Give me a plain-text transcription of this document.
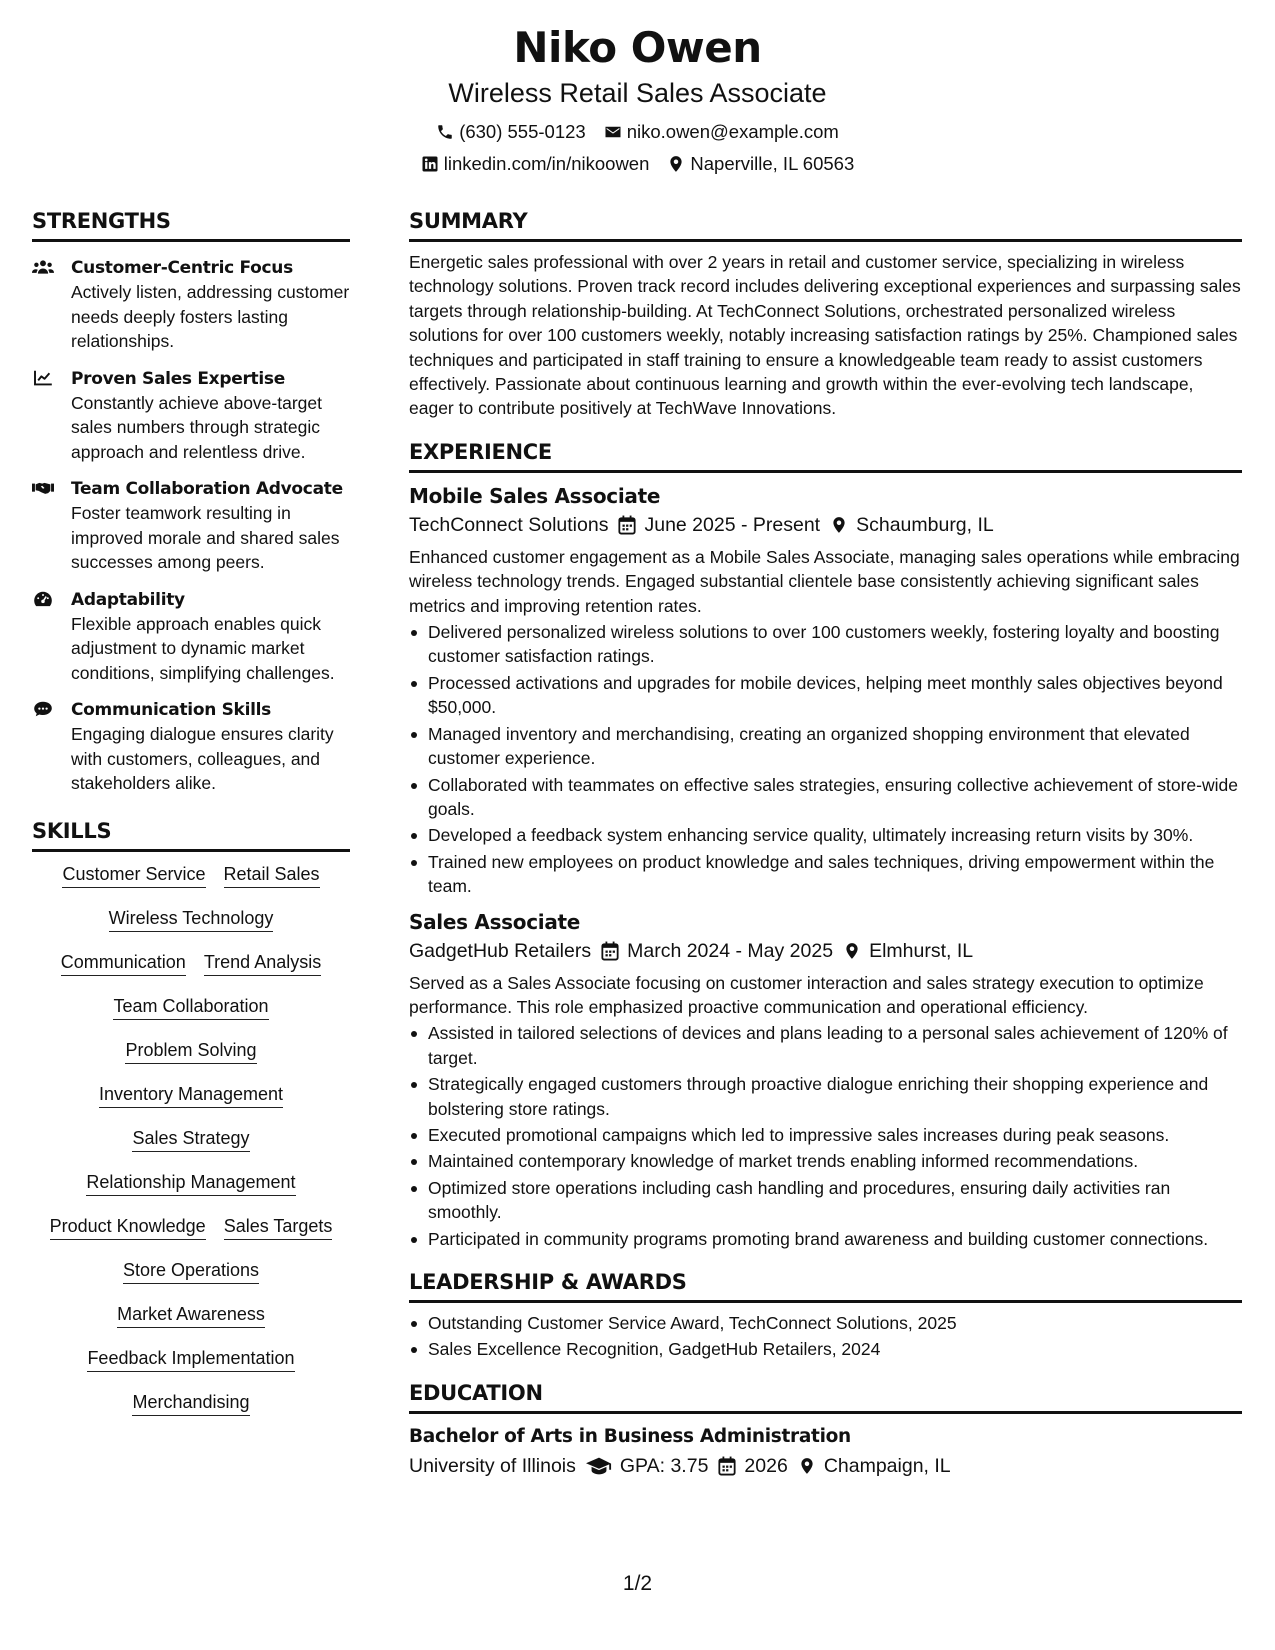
Niko Owen
Wireless Retail Sales Associate
(630) 555-0123 niko.owen@example.com
linkedin.com/in/nikoowen Naperville, IL 60563
STRENGTHS
Customer-Centric Focus
Actively listen, addressing customer needs deeply fosters lasting relationships.
Proven Sales Expertise
Constantly achieve above-target sales numbers through strategic approach and relentless drive.
Team Collaboration Advocate
Foster teamwork resulting in improved morale and shared sales successes among peers.
Adaptability
Flexible approach enables quick adjustment to dynamic market conditions, simplifying challenges.
Communication Skills
Engaging dialogue ensures clarity with customers, colleagues, and stakeholders alike.
SKILLS
Customer Service Retail Sales
Wireless Technology
Communication Trend Analysis
Team Collaboration
Problem Solving
Inventory Management
Sales Strategy
Relationship Management
Product Knowledge Sales Targets
Store Operations
Market Awareness
Feedback Implementation
Merchandising
SUMMARY
Energetic sales professional with over 2 years in retail and customer service, specializing in wireless technology solutions. Proven track record includes delivering exceptional experiences and surpassing sales targets through relationship-building. At TechConnect Solutions, orchestrated personalized wireless solutions for over 100 customers weekly, notably increasing satisfaction ratings by 25%. Championed sales techniques and participated in staff training to ensure a knowledgeable team ready to assist customers effectively. Passionate about continuous learning and growth within the ever-evolving tech landscape, eager to contribute positively at TechWave Innovations.
EXPERIENCE
Mobile Sales Associate
TechConnect Solutions June 2025 - Present Schaumburg, IL
Enhanced customer engagement as a Mobile Sales Associate, managing sales operations while embracing wireless technology trends. Engaged substantial clientele base consistently achieving significant sales metrics and improving retention rates.
Delivered personalized wireless solutions to over 100 customers weekly, fostering loyalty and boosting customer satisfaction ratings.
Processed activations and upgrades for mobile devices, helping meet monthly sales objectives beyond $50,000.
Managed inventory and merchandising, creating an organized shopping environment that elevated customer experience.
Collaborated with teammates on effective sales strategies, ensuring collective achievement of store-wide goals.
Developed a feedback system enhancing service quality, ultimately increasing return visits by 30%.
Trained new employees on product knowledge and sales techniques, driving empowerment within the team.
Sales Associate
GadgetHub Retailers March 2024 - May 2025 Elmhurst, IL
Served as a Sales Associate focusing on customer interaction and sales strategy execution to optimize performance. This role emphasized proactive communication and operational efficiency.
Assisted in tailored selections of devices and plans leading to a personal sales achievement of 120% of target.
Strategically engaged customers through proactive dialogue enriching their shopping experience and bolstering store ratings.
Executed promotional campaigns which led to impressive sales increases during peak seasons.
Maintained contemporary knowledge of market trends enabling informed recommendations.
Optimized store operations including cash handling and procedures, ensuring daily activities ran smoothly.
Participated in community programs promoting brand awareness and building customer connections.
LEADERSHIP & AWARDS
Outstanding Customer Service Award, TechConnect Solutions, 2025
Sales Excellence Recognition, GadgetHub Retailers, 2024
EDUCATION
Bachelor of Arts in Business Administration
University of Illinois GPA: 3.75 2026 Champaign, IL
1/2
